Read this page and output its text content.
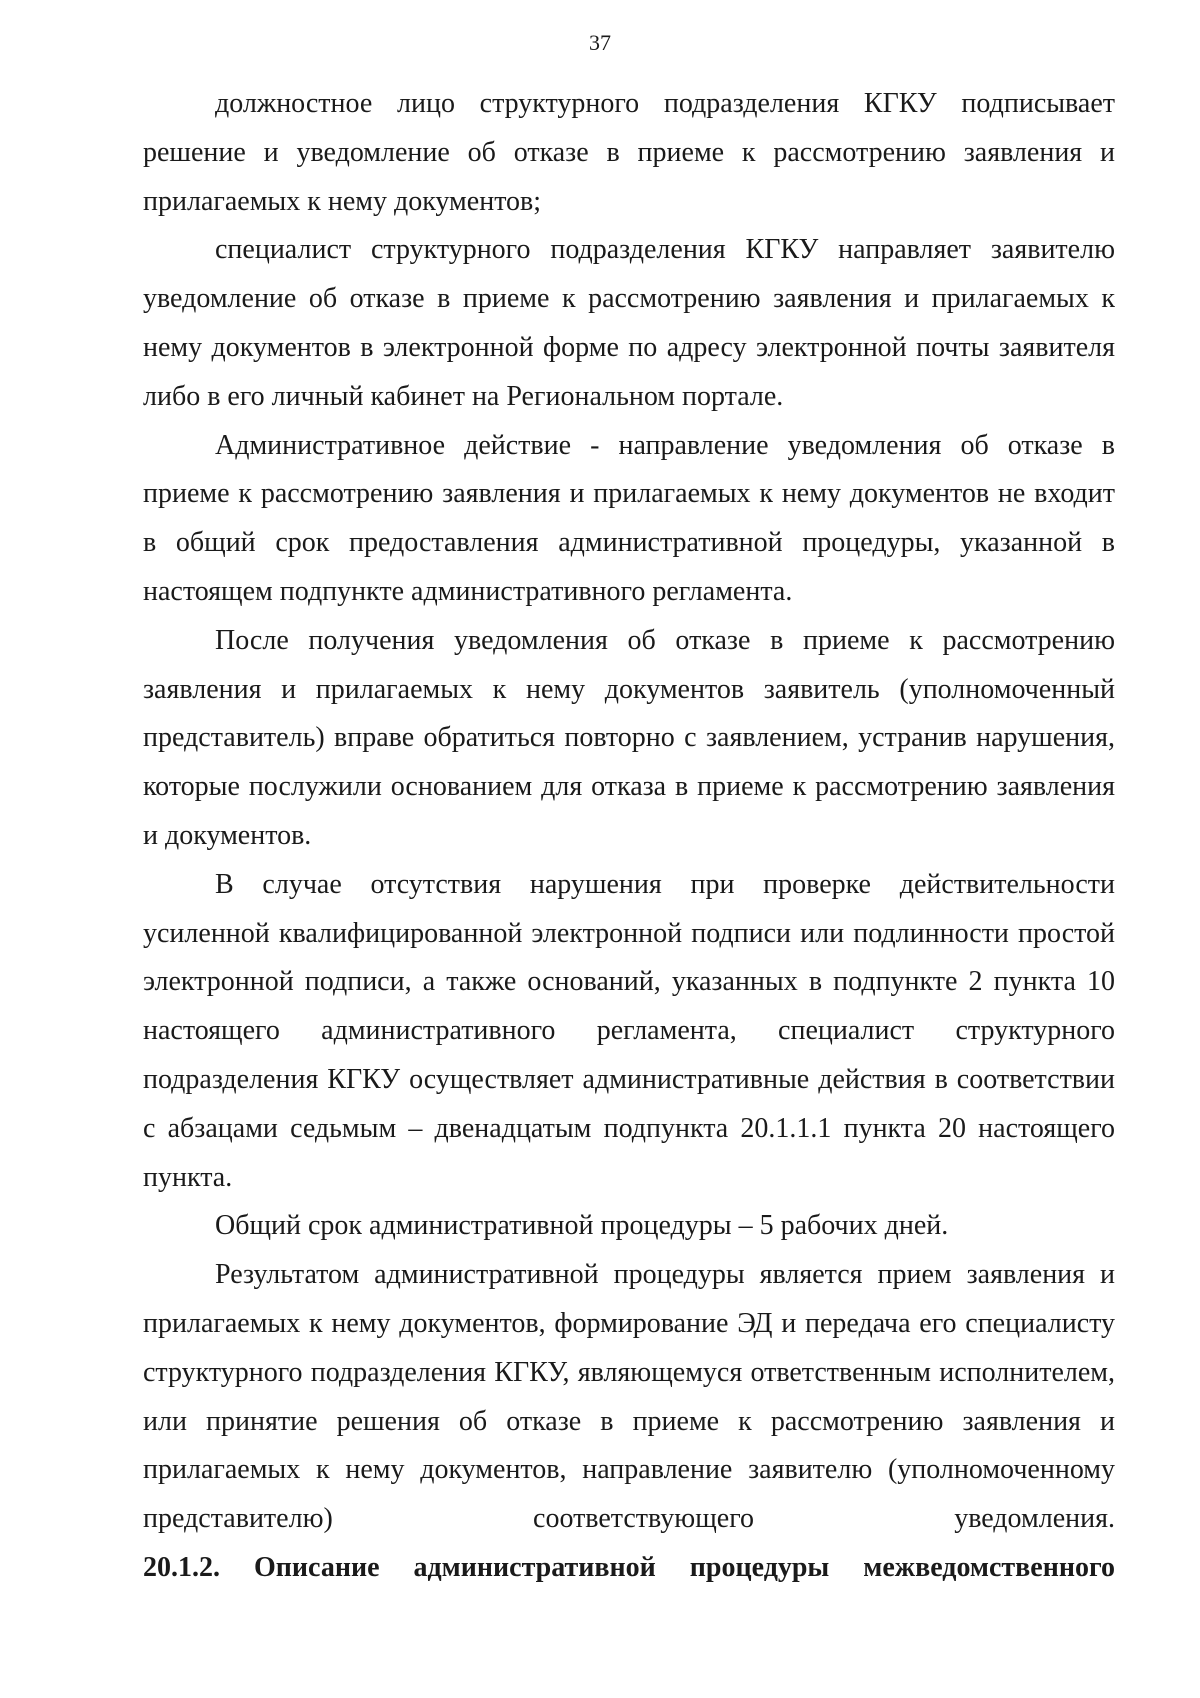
37

должностное лицо структурного подразделения КГКУ подписывает решение и уведомление об отказе в приеме к рассмотрению заявления и прилагаемых к нему документов;

специалист структурного подразделения КГКУ направляет заявителю уведомление об отказе в приеме к рассмотрению заявления и прилагаемых к нему документов в электронной форме по адресу электронной почты заявителя либо в его личный кабинет на Региональном портале.

Административное действие - направление уведомления об отказе в приеме к рассмотрению заявления и прилагаемых к нему документов не входит в общий срок предоставления административной процедуры, указанной в настоящем подпункте административного регламента.

После получения уведомления об отказе в приеме к рассмотрению заявления и прилагаемых к нему документов заявитель (уполномоченный представитель) вправе обратиться повторно с заявлением, устранив нарушения, которые послужили основанием для отказа в приеме к рассмотрению заявления и документов.

В случае отсутствия нарушения при проверке действительности усиленной квалифицированной электронной подписи или подлинности простой электронной подписи, а также оснований, указанных в подпункте 2 пункта 10 настоящего административного регламента, специалист структурного подразделения КГКУ осуществляет административные действия в соответствии с абзацами седьмым – двенадцатым подпункта 20.1.1.1 пункта 20 настоящего пункта.

Общий срок административной процедуры – 5 рабочих дней.

Результатом административной процедуры является прием заявления и прилагаемых к нему документов, формирование ЭД и передача его специалисту структурного подразделения КГКУ, являющемуся ответственным исполнителем, или принятие решения об отказе в приеме к рассмотрению заявления и прилагаемых к нему документов, направление заявителю (уполномоченному представителю) соответствующего уведомления.

20.1.2. Описание административной процедуры межведомственного
